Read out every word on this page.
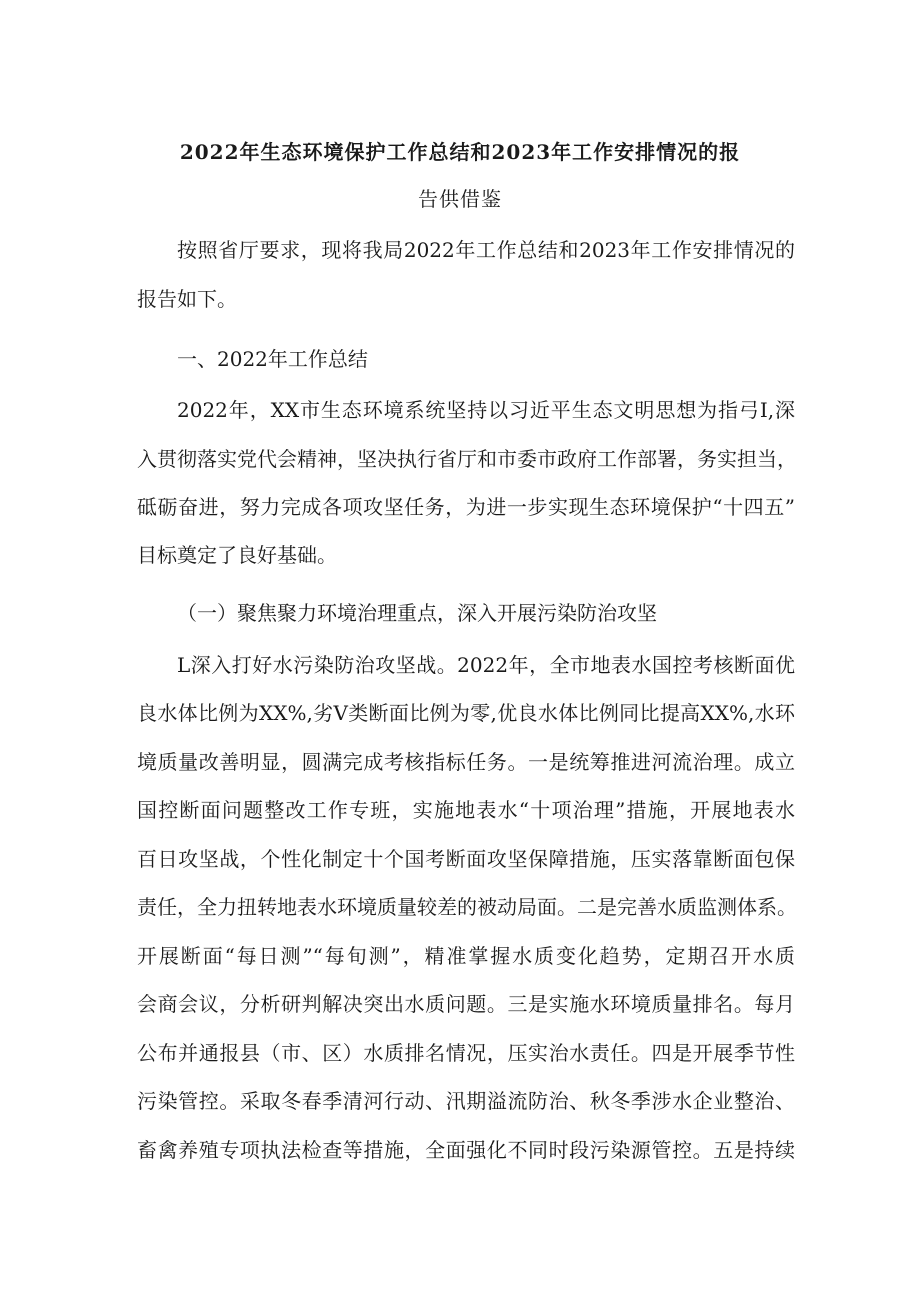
2022年生态环境保护工作总结和2023年工作安排情况的报
告供借鉴
按照省厅要求，现将我局2022年工作总结和2023年工作安排情况的
报告如下。
一、2022年工作总结
2022年，XX市生态环境系统坚持以习近平生态文明思想为指弓I,深
入贯彻落实党代会精神，坚决执行省厅和市委市政府工作部署，务实担当，
砥砺奋进，努力完成各项攻坚任务，为进一步实现生态环境保护“十四五”
目标奠定了良好基础。
（一）聚焦聚力环境治理重点，深入开展污染防治攻坚
L深入打好水污染防治攻坚战。2022年，全市地表水国控考核断面优
良水体比例为XX%,劣V类断面比例为零,优良水体比例同比提高XX%,水环
境质量改善明显，圆满完成考核指标任务。一是统筹推进河流治理。成立
国控断面问题整改工作专班，实施地表水“十项治理”措施，开展地表水
百日攻坚战，个性化制定十个国考断面攻坚保障措施，压实落靠断面包保
责任，全力扭转地表水环境质量较差的被动局面。二是完善水质监测体系。
开展断面“每日测”“每旬测”，精准掌握水质变化趋势，定期召开水质
会商会议，分析研判解决突出水质问题。三是实施水环境质量排名。每月
公布并通报县（市、区）水质排名情况，压实治水责任。四是开展季节性
污染管控。采取冬春季清河行动、汛期溢流防治、秋冬季涉水企业整治、
畜禽养殖专项执法检查等措施，全面强化不同时段污染源管控。五是持续
